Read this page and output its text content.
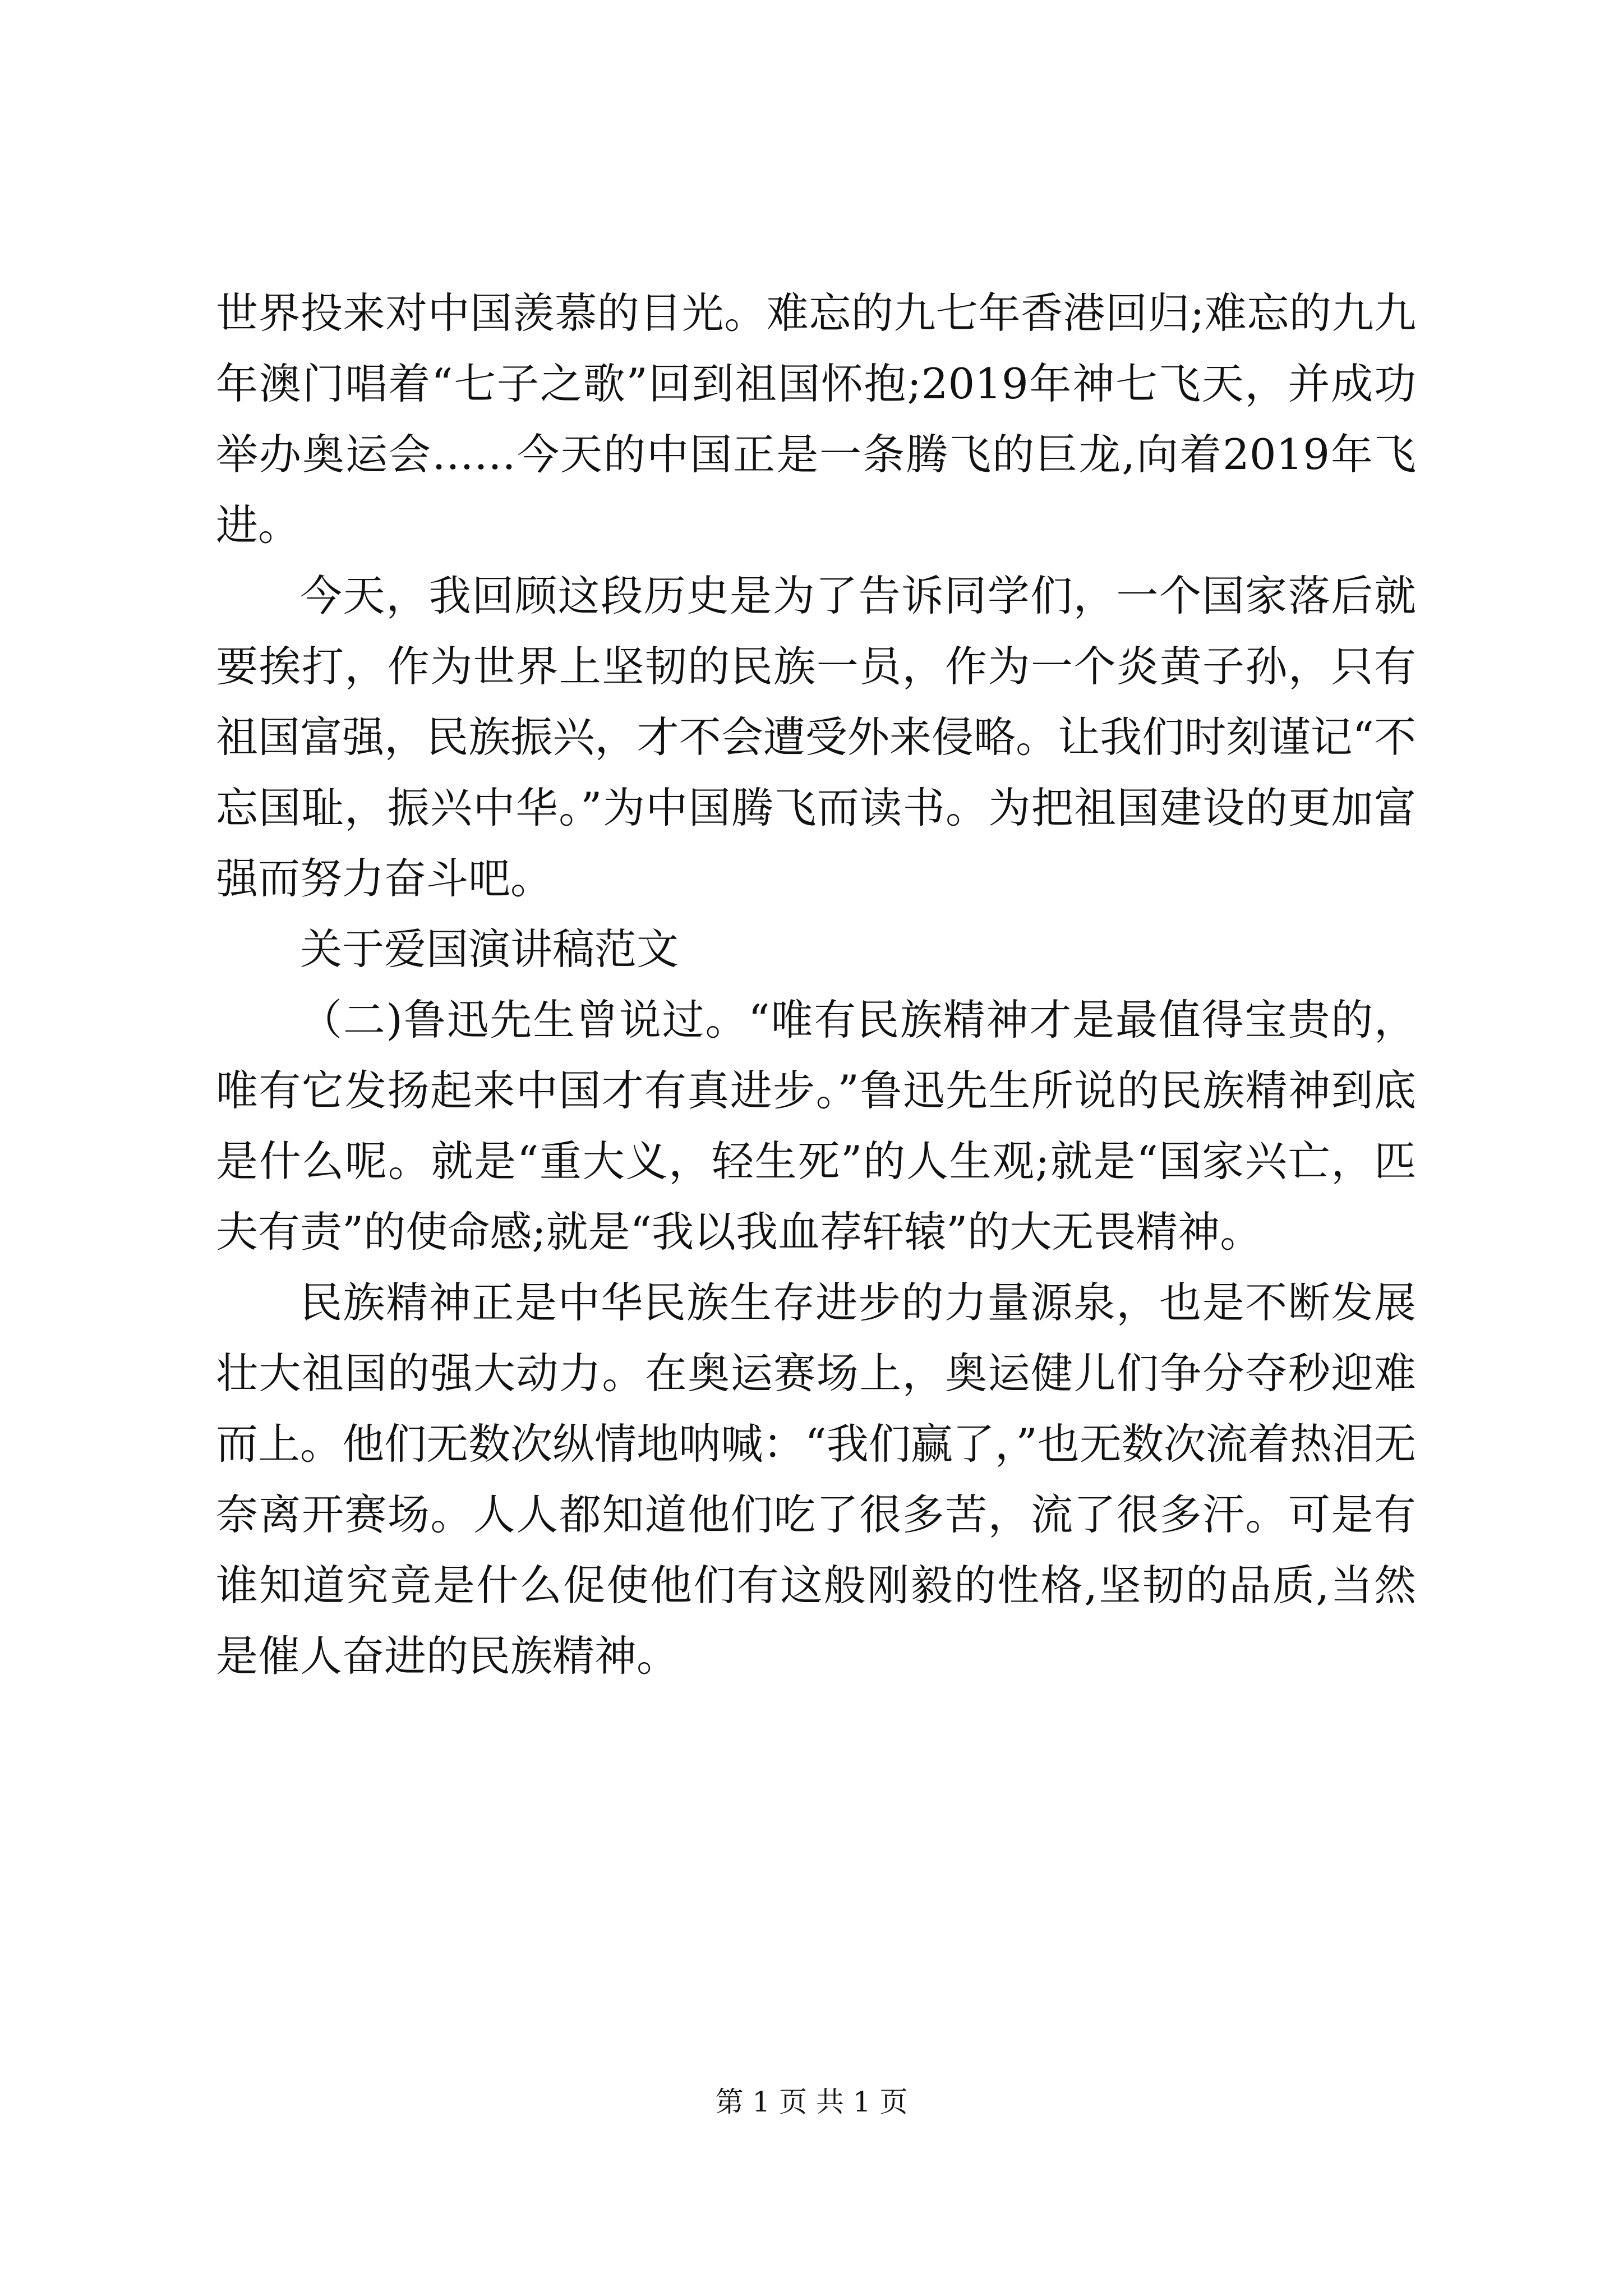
世界投来对中国羡慕的目光。难忘的九七年香港回归;难忘的九九年澳门唱着“七子之歌”回到祖国怀抱;2019年神七飞天，并成功举办奥运会……今天的中国正是一条腾飞的巨龙,向着2019年飞进。

今天，我回顾这段历史是为了告诉同学们，一个国家落后就要挨打，作为世界上坚韧的民族一员，作为一个炎黄子孙，只有祖国富强，民族振兴，才不会遭受外来侵略。让我们时刻谨记“不忘国耻，振兴中华。”为中国腾飞而读书。为把祖国建设的更加富强而努力奋斗吧。

关于爱国演讲稿范文

（二)鲁迅先生曾说过。“唯有民族精神才是最值得宝贵的，唯有它发扬起来中国才有真进步。”鲁迅先生所说的民族精神到底是什么呢。就是“重大义，轻生死”的人生观;就是“国家兴亡，匹夫有责”的使命感;就是“我以我血荐轩辕”的大无畏精神。

民族精神正是中华民族生存进步的力量源泉，也是不断发展壮大祖国的强大动力。在奥运赛场上，奥运健儿们争分夺秒迎难而上。他们无数次纵情地呐喊：“我们赢了，”也无数次流着热泪无奈离开赛场。人人都知道他们吃了很多苦，流了很多汗。可是有谁知道究竟是什么促使他们有这般刚毅的性格,坚韧的品质,当然是催人奋进的民族精神。

第 1 页 共 1 页
